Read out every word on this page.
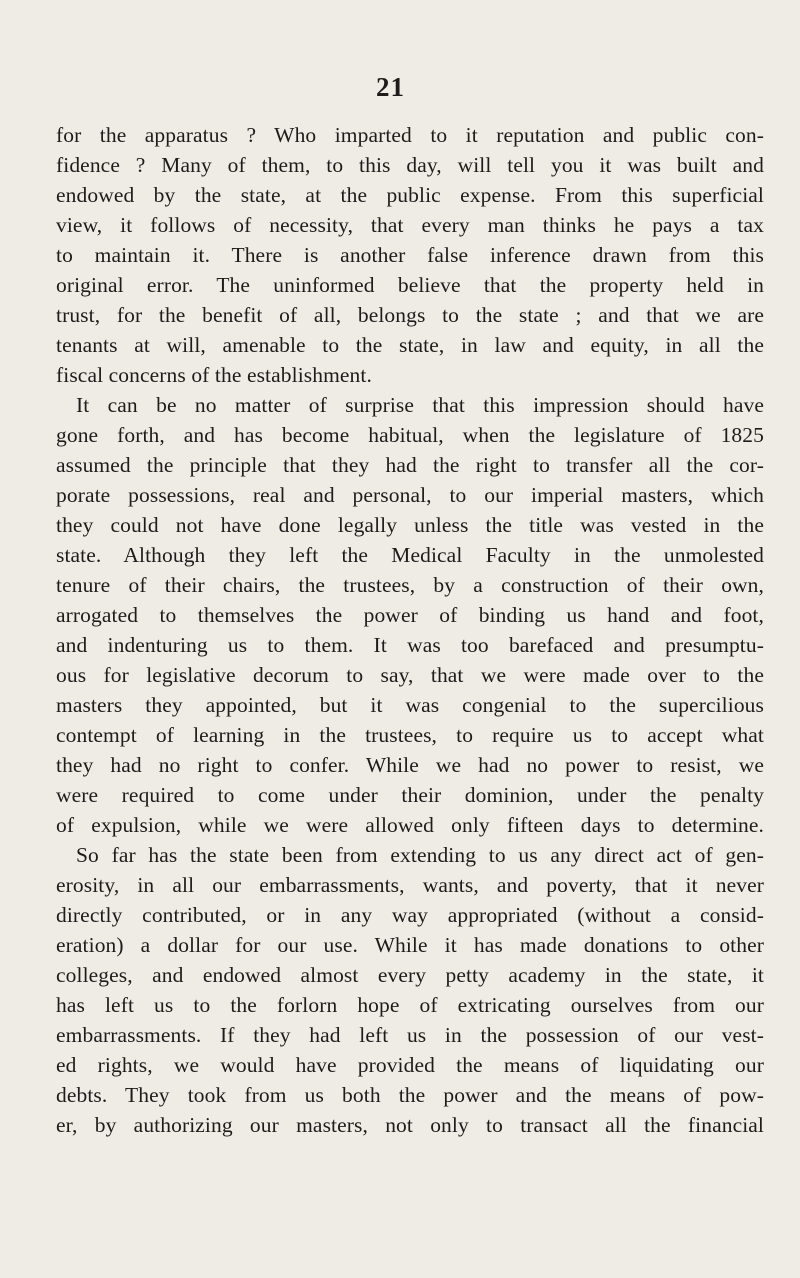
21
for the apparatus ? Who imparted to it reputation and public con-
fidence ? Many of them, to this day, will tell you it was built and
endowed by the state, at the public expense. From this superficial
view, it follows of necessity, that every man thinks he pays a tax
to maintain it. There is another false inference drawn from this
original error. The uninformed believe that the property held in
trust, for the benefit of all, belongs to the state ; and that we are
tenants at will, amenable to the state, in law and equity, in all the
fiscal concerns of the establishment.
It can be no matter of surprise that this impression should have
gone forth, and has become habitual, when the legislature of 1825
assumed the principle that they had the right to transfer all the cor-
porate possessions, real and personal, to our imperial masters, which
they could not have done legally unless the title was vested in the
state. Although they left the Medical Faculty in the unmolested
tenure of their chairs, the trustees, by a construction of their own,
arrogated to themselves the power of binding us hand and foot,
and indenturing us to them. It was too barefaced and presumptu-
ous for legislative decorum to say, that we were made over to the
masters they appointed, but it was congenial to the supercilious
contempt of learning in the trustees, to require us to accept what
they had no right to confer. While we had no power to resist, we
were required to come under their dominion, under the penalty
of expulsion, while we were allowed only fifteen days to determine.
So far has the state been from extending to us any direct act of gen-
erosity, in all our embarrassments, wants, and poverty, that it never
directly contributed, or in any way appropriated (without a consid-
eration) a dollar for our use. While it has made donations to other
colleges, and endowed almost every petty academy in the state, it
has left us to the forlorn hope of extricating ourselves from our
embarrassments. If they had left us in the possession of our vest-
ed rights, we would have provided the means of liquidating our
debts. They took from us both the power and the means of pow-
er, by authorizing our masters, not only to transact all the financial
